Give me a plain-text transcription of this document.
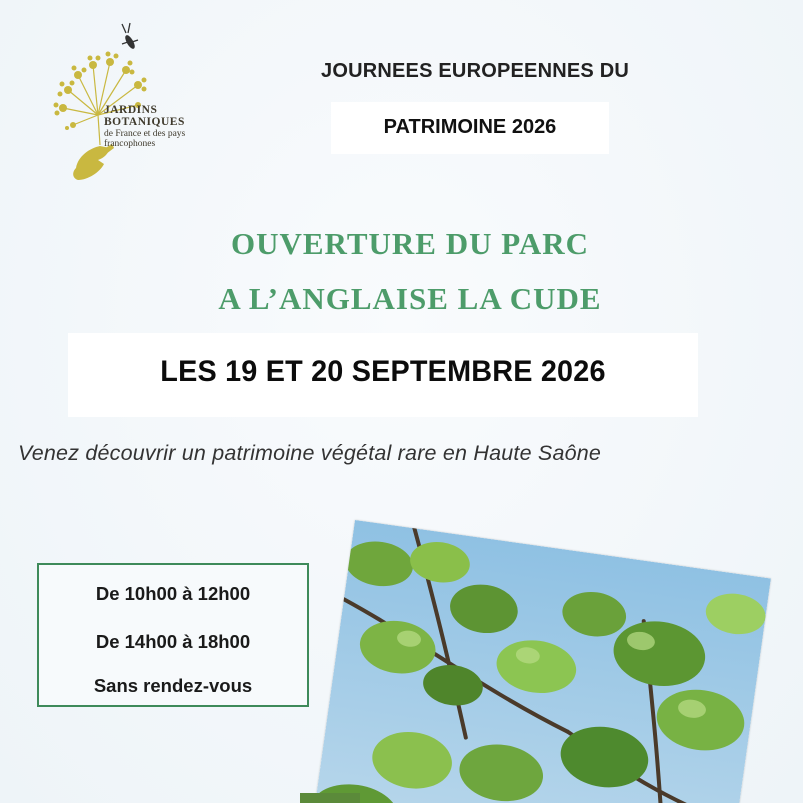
JARDINS
BOTANIQUES
de France et des pays
francophones
JOURNEES EUROPEENNES DU
PATRIMOINE 2026
OUVERTURE DU PARC
A L’ANGLAISE LA CUDE
LES 19 ET 20 SEPTEMBRE 2026
Venez découvrir un patrimoine végétal rare en Haute Saône
De 10h00 à 12h00
De 14h00 à 18h00
Sans rendez-vous
